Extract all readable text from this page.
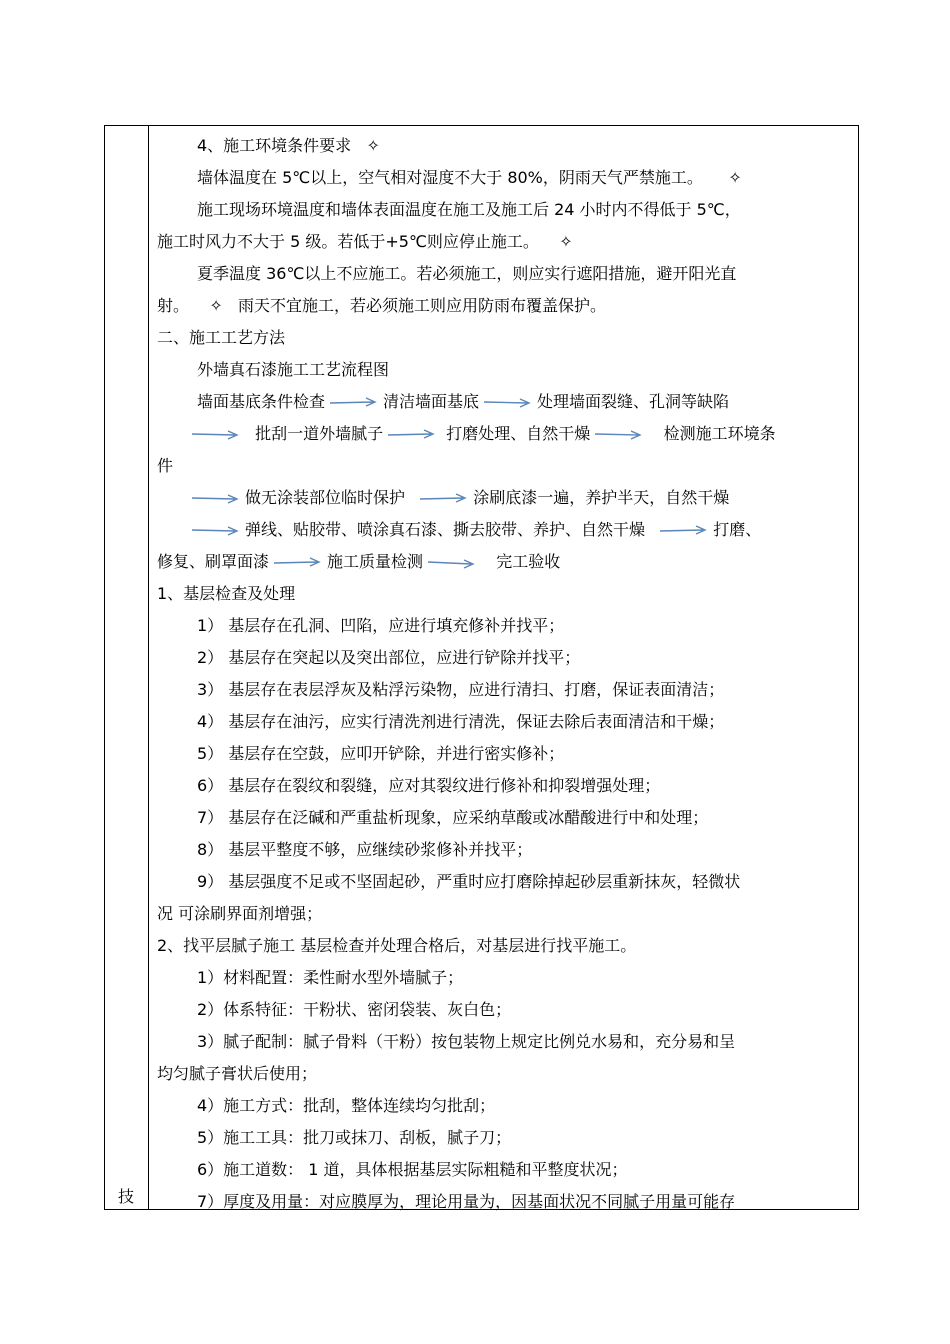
技

4、施工环境条件要求 ✧

墙体温度在 5℃以上，空气相对湿度不大于 80%，阴雨天气严禁施工。 ✧

施工现场环境温度和墙体表面温度在施工及施工后 24 小时内不得低于 5℃，

施工时风力不大于 5 级。若低于+5℃则应停止施工。 ✧

夏季温度 36℃以上不应施工。若必须施工，则应实行遮阳措施，避开阳光直

射。 ✧ 雨天不宜施工，若必须施工则应用防雨布覆盖保护。

二、施工工艺方法

外墙真石漆施工工艺流程图

墙面基底条件检查	清洁墙面基底	处理墙面裂缝、孔洞等缺陷

批刮一道外墙腻子	打磨处理、自然干燥	检测施工环境条

件

做无涂装部位临时保护	涂刷底漆一遍，养护半天，自然干燥

弹线、贴胶带、喷涂真石漆、撕去胶带、养护、自然干燥	打磨、

修复、刷罩面漆	施工质量检测	完工验收

1、基层检查及处理

1） 基层存在孔洞、凹陷，应进行填充修补并找平；

2） 基层存在突起以及突出部位，应进行铲除并找平；

3） 基层存在表层浮灰及粘浮污染物，应进行清扫、打磨，保证表面清洁；

4） 基层存在油污，应实行清洗剂进行清洗，保证去除后表面清洁和干燥；

5） 基层存在空鼓，应叩开铲除，并进行密实修补；

6） 基层存在裂纹和裂缝，应对其裂纹进行修补和抑裂增强处理；

7） 基层存在泛碱和严重盐析现象，应采纳草酸或冰醋酸进行中和处理；

8） 基层平整度不够，应继续砂浆修补并找平；

9） 基层强度不足或不坚固起砂，严重时应打磨除掉起砂层重新抹灰，轻微状

况 可涂刷界面剂增强；

2、找平层腻子施工 基层检查并处理合格后，对基层进行找平施工。

1）材料配置：柔性耐水型外墙腻子；

2）体系特征：干粉状、密闭袋装、灰白色；

3）腻子配制：腻子骨料（干粉）按包装物上规定比例兑水易和，充分易和呈

均匀腻子膏状后使用；

4）施工方式：批刮，整体连续均匀批刮；

5）施工工具：批刀或抹刀、刮板，腻子刀；

6）施工道数： 1 道，具体根据基层实际粗糙和平整度状况；

7）厚度及用量：对应膜厚为，理论用量为，因基面状况不同腻子用量可能存
